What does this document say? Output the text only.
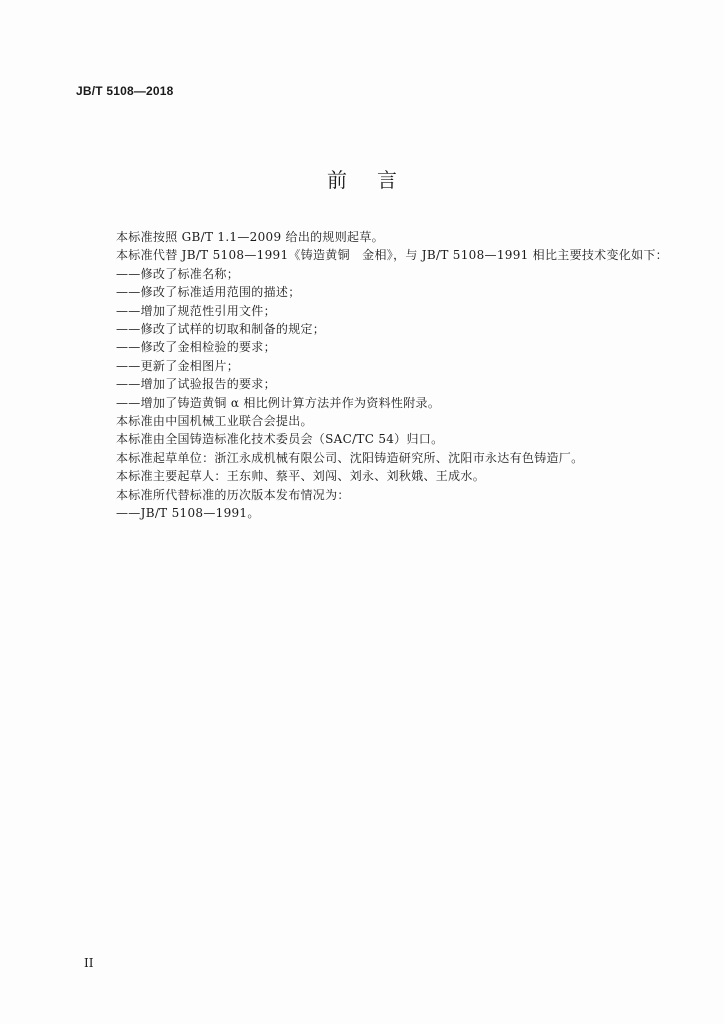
JB/T 5108—2018
前言
本标准按照 GB/T 1.1—2009 给出的规则起草。
本标准代替 JB/T 5108—1991《铸造黄铜　金相》，与 JB/T 5108—1991 相比主要技术变化如下：
——修改了标准名称；
——修改了标准适用范围的描述；
——增加了规范性引用文件；
——修改了试样的切取和制备的规定；
——修改了金相检验的要求；
——更新了金相图片；
——增加了试验报告的要求；
——增加了铸造黄铜 α 相比例计算方法并作为资料性附录。
本标准由中国机械工业联合会提出。
本标准由全国铸造标准化技术委员会（SAC/TC 54）归口。
本标准起草单位：浙江永成机械有限公司、沈阳铸造研究所、沈阳市永达有色铸造厂。
本标准主要起草人：王东帅、蔡平、刘闯、刘永、刘秋娥、王成水。
本标准所代替标准的历次版本发布情况为：
——JB/T 5108—1991。
II
